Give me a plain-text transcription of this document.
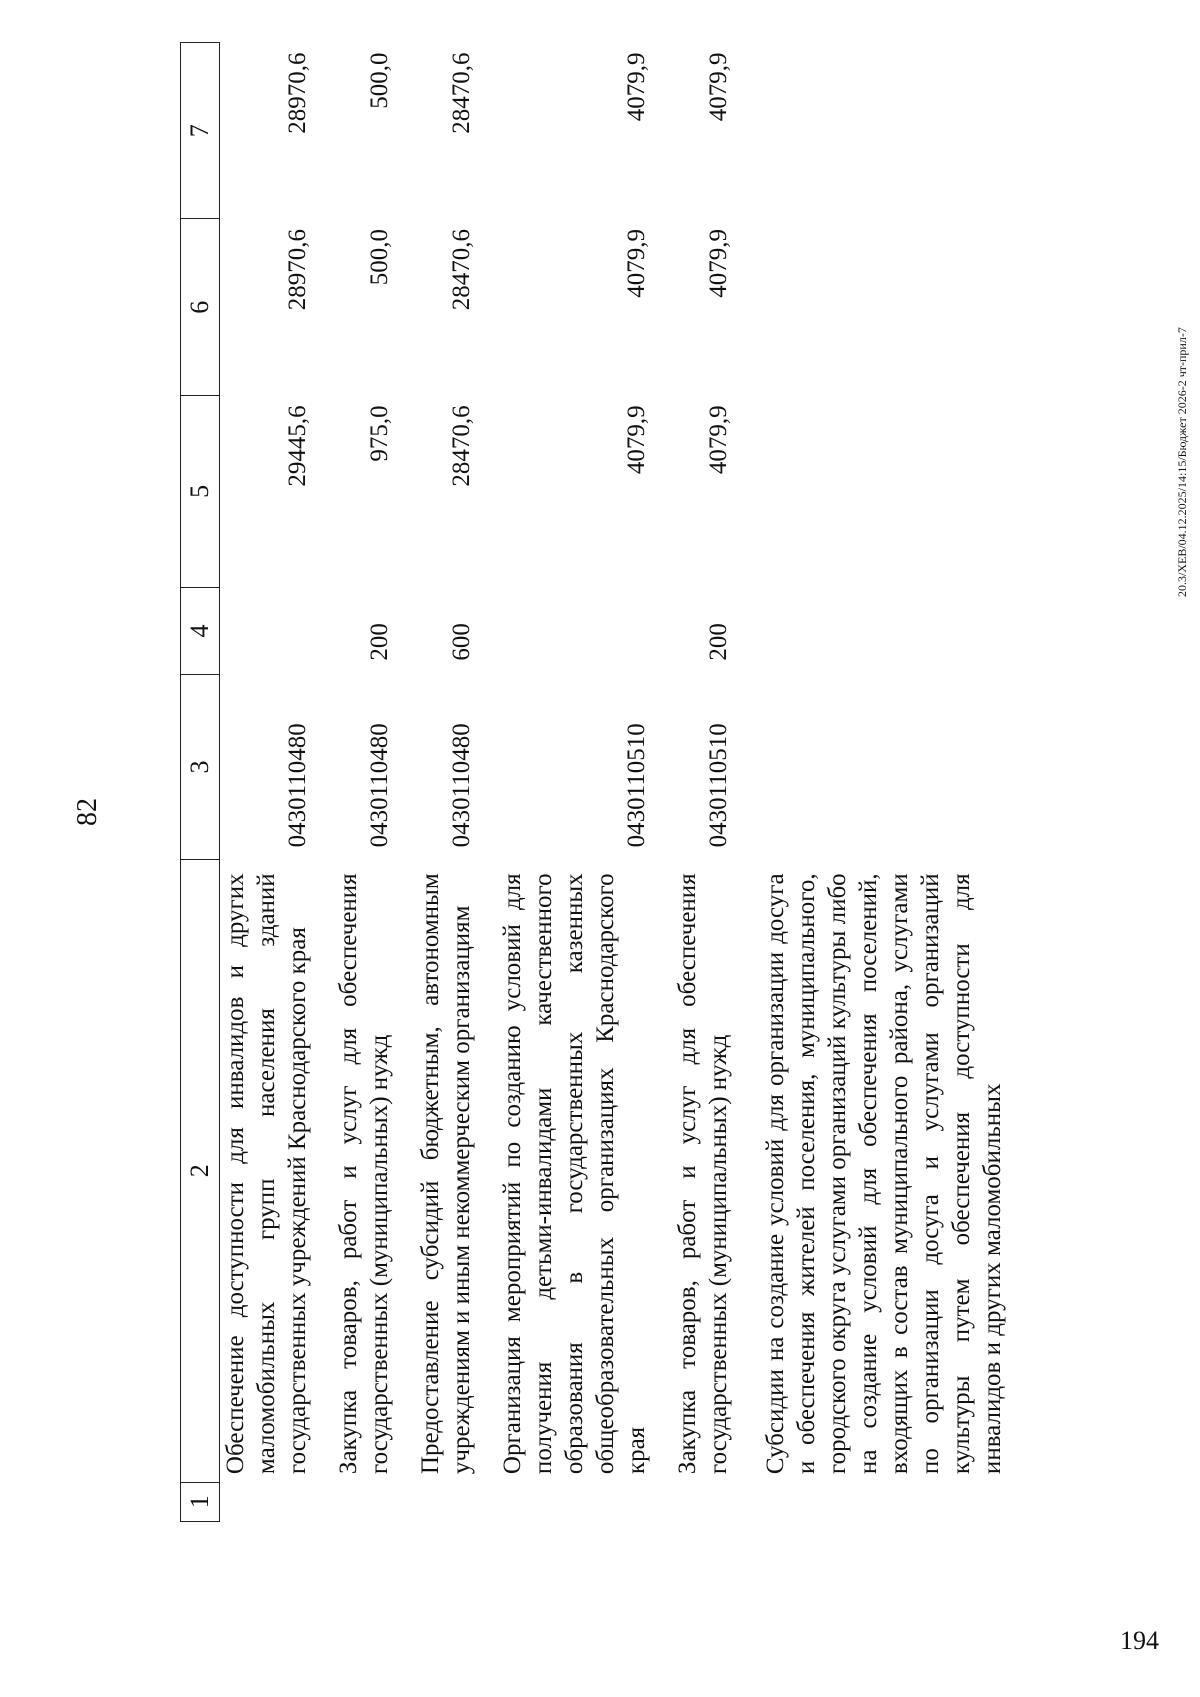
82
1	2	3	4	5	6	7
	Обеспечение доступности для инвалидов и других маломобильных групп населения зданий государственных учреждений Краснодарского края	0430110480		29445,6	28970,6	28970,6
	Закупка товаров, работ и услуг для обеспечения государственных (муниципальных) нужд	0430110480	200	975,0	500,0	500,0
	Предоставление субсидий бюджетным, автономным учреждениям и иным некоммерческим организациям	0430110480	600	28470,6	28470,6	28470,6
	Организация мероприятий по созданию условий для получения детьми-инвалидами качественного образования в государственных казенных общеобразовательных организациях Краснодарского края	0430110510		4079,9	4079,9	4079,9
	Закупка товаров, работ и услуг для обеспечения государственных (муниципальных) нужд	0430110510	200	4079,9	4079,9	4079,9
	Субсидии на создание условий для организации досуга и обеспечения жителей поселения, муниципального, городского округа услугами организаций культуры либо на создание условий для обеспечения поселений, входящих в состав муниципального района, услугами по организации досуга и услугами организаций культуры путем обеспечения доступности для инвалидов и других маломобильных					
20.3/ХЕВ/04.12.2025/14:15/Бюджет 2026-2 чт-прил-7
194
